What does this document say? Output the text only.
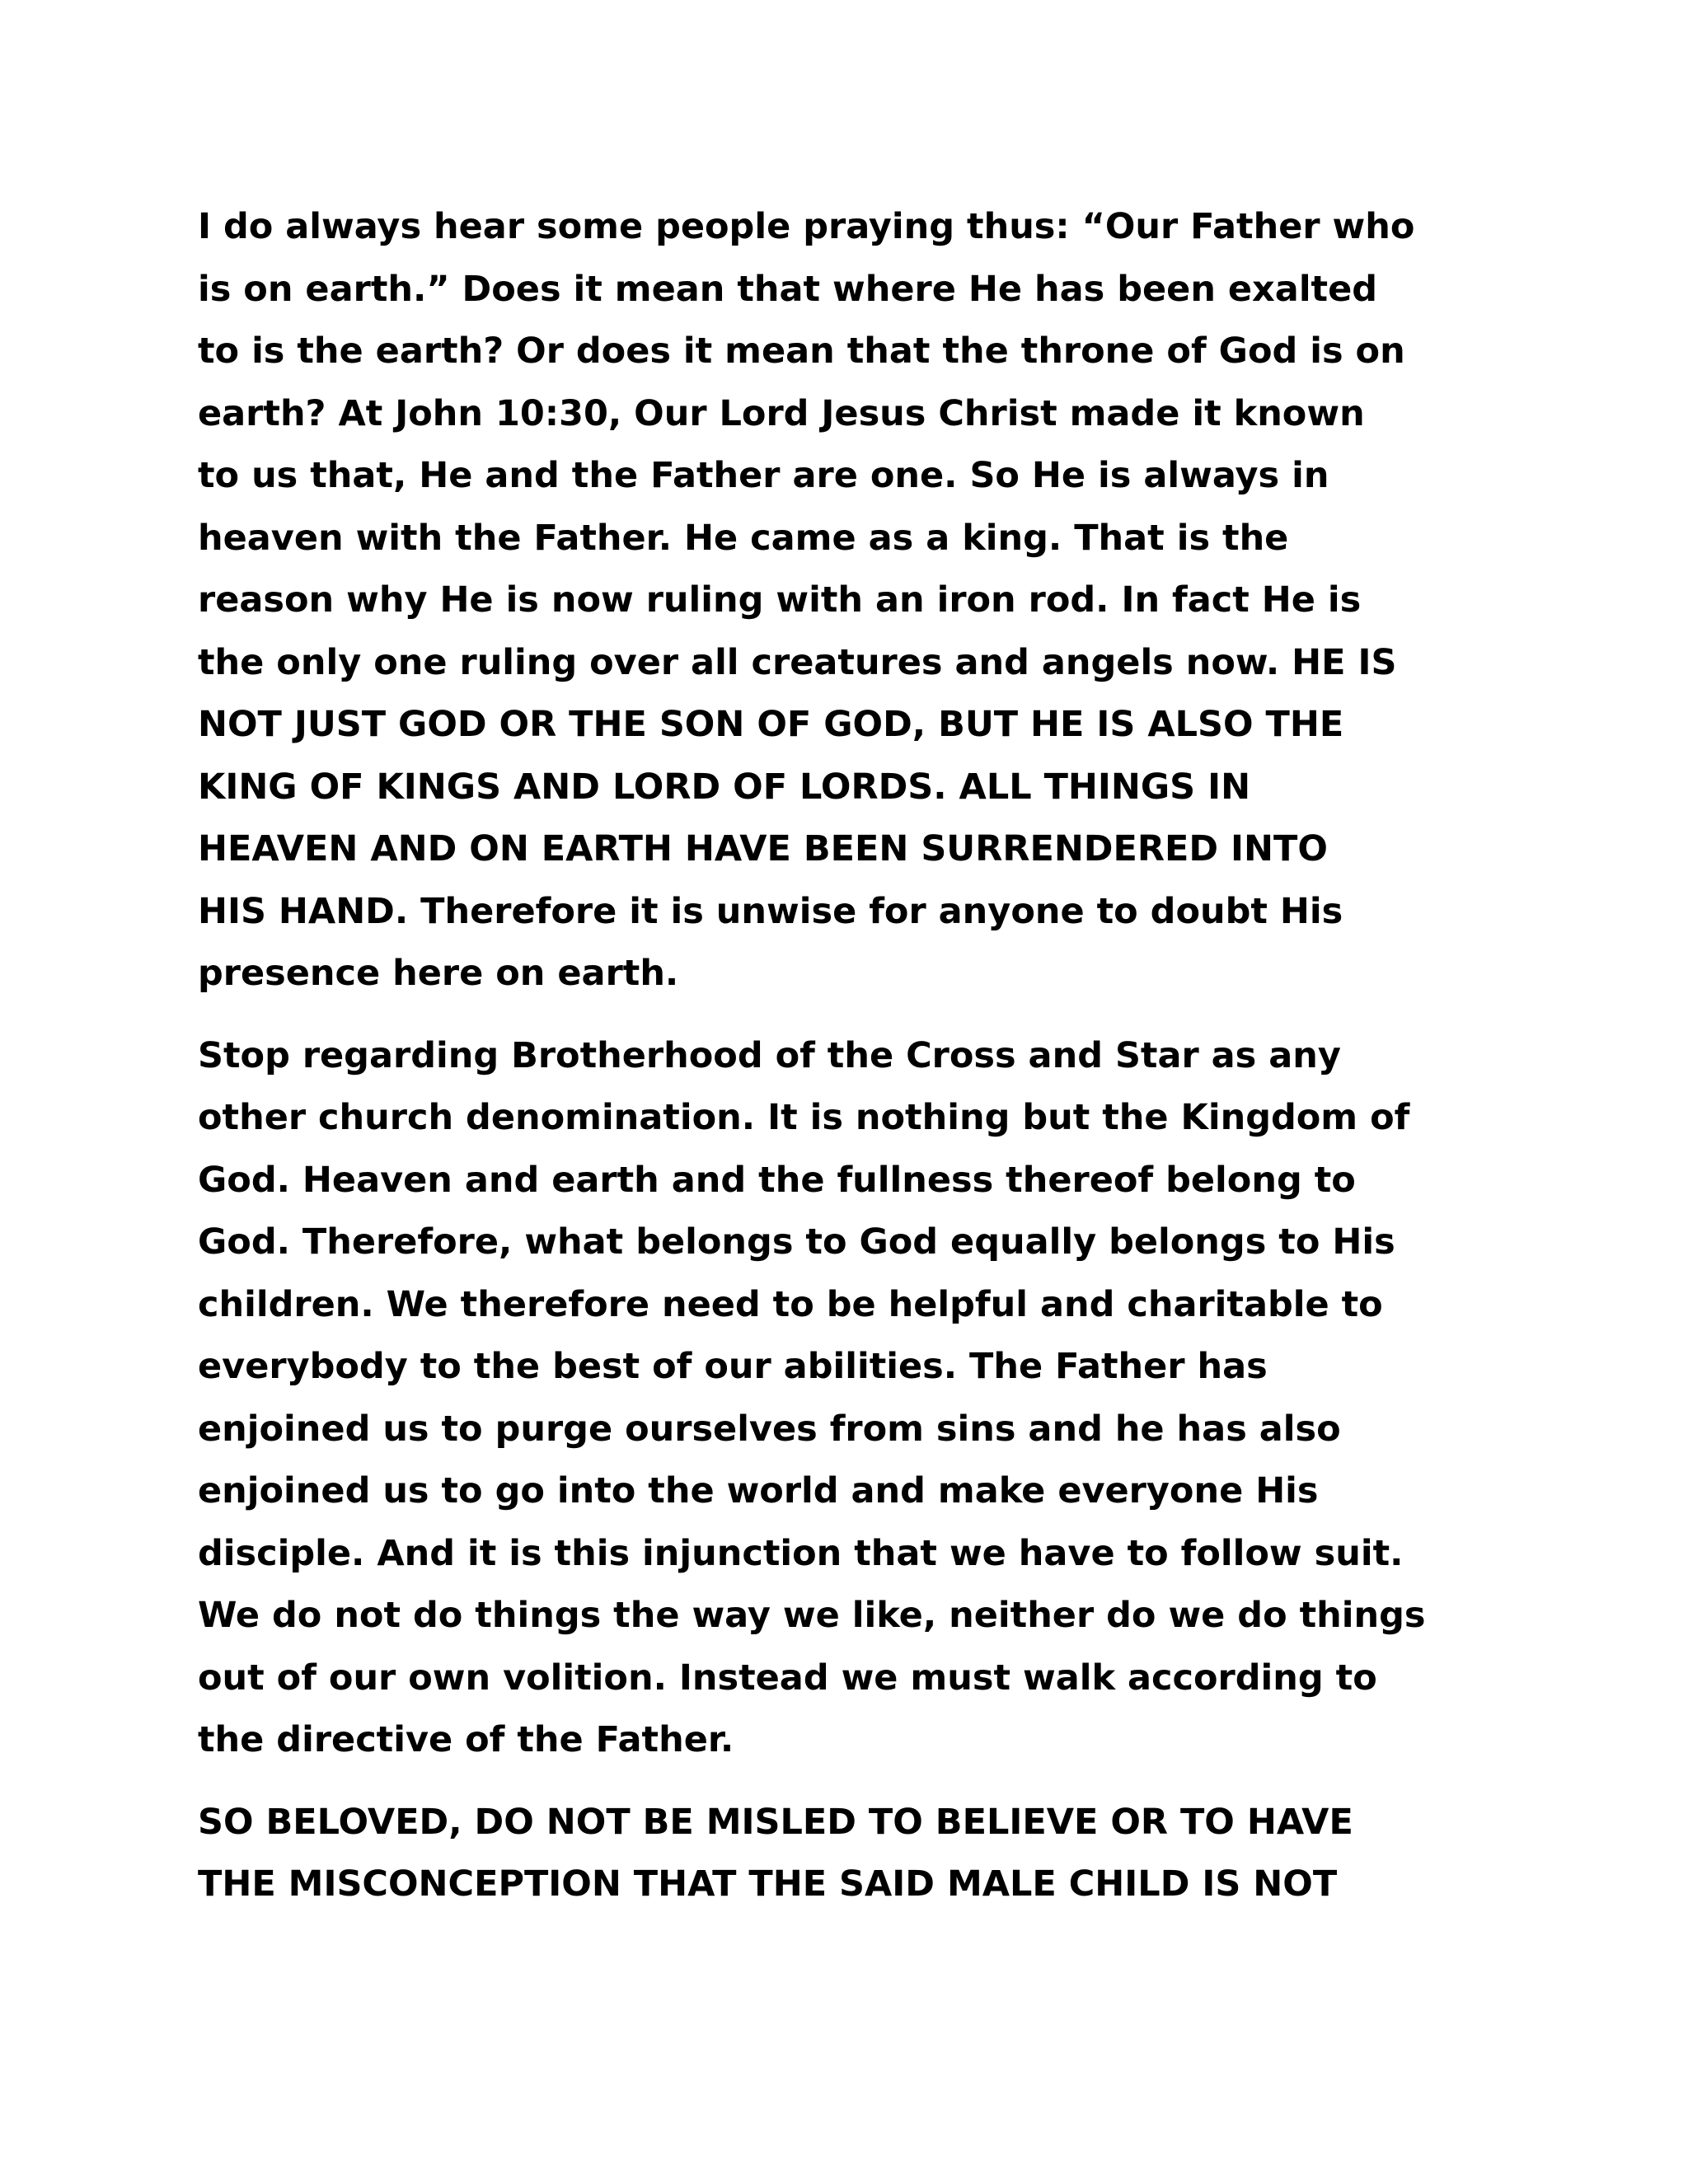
I do always hear some people praying thus: “Our Father who
is on earth.” Does it mean that where He has been exalted
to is the earth? Or does it mean that the throne of God is on
earth? At John 10:30, Our Lord Jesus Christ made it known
to us that, He and the Father are one. So He is always in
heaven with the Father. He came as a king. That is the
reason why He is now ruling with an iron rod. In fact He is
the only one ruling over all creatures and angels now. HE IS
NOT JUST GOD OR THE SON OF GOD, BUT HE IS ALSO THE
KING OF KINGS AND LORD OF LORDS. ALL THINGS IN
HEAVEN AND ON EARTH HAVE BEEN SURRENDERED INTO
HIS HAND. Therefore it is unwise for anyone to doubt His
presence here on earth.

Stop regarding Brotherhood of the Cross and Star as any
other church denomination. It is nothing but the Kingdom of
God. Heaven and earth and the fullness thereof belong to
God. Therefore, what belongs to God equally belongs to His
children. We therefore need to be helpful and charitable to
everybody to the best of our abilities. The Father has
enjoined us to purge ourselves from sins and he has also
enjoined us to go into the world and make everyone His
disciple. And it is this injunction that we have to follow suit.
We do not do things the way we like, neither do we do things
out of our own volition. Instead we must walk according to
the directive of the Father.

SO BELOVED, DO NOT BE MISLED TO BELIEVE OR TO HAVE
THE MISCONCEPTION THAT THE SAID MALE CHILD IS NOT
